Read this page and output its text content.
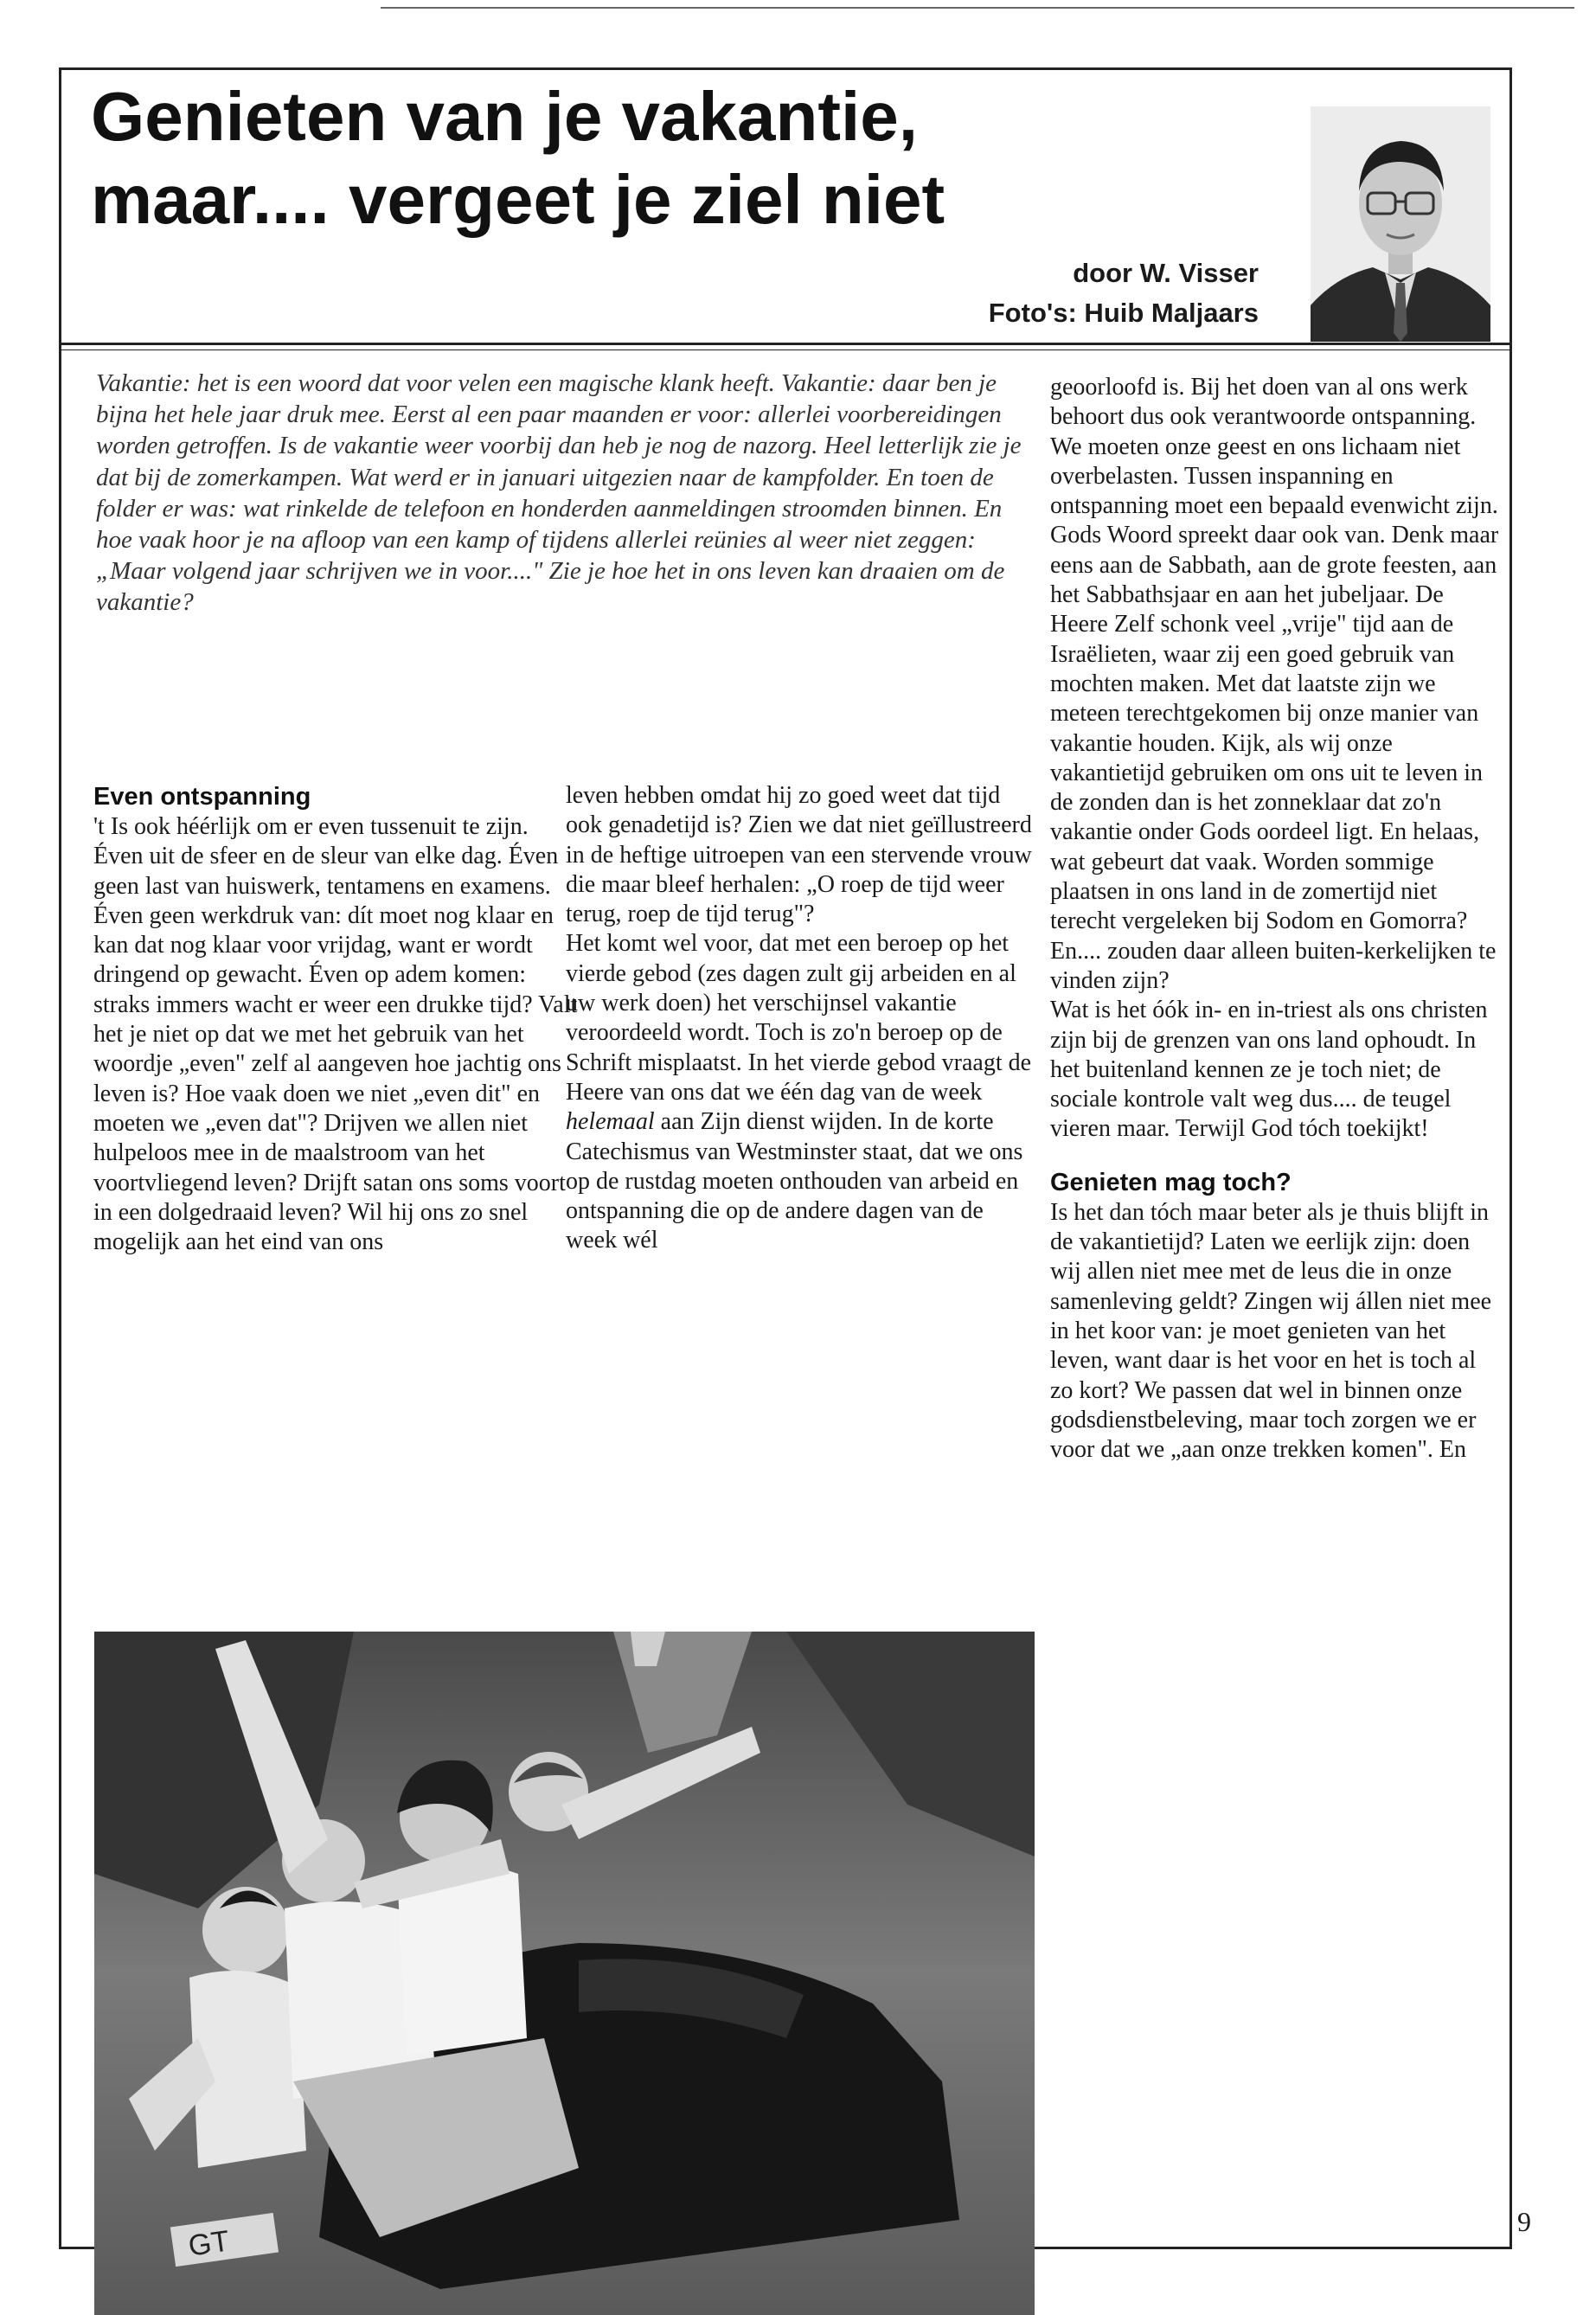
Genieten van je vakantie,
maar.... vergeet je ziel niet
door W. Visser
Foto's: Huib Maljaars
Vakantie: het is een woord dat voor velen een magische klank heeft. Vakantie: daar ben je bijna het hele jaar druk mee. Eerst al een paar maanden er voor: allerlei voorbereidingen worden getroffen. Is de vakantie weer voorbij dan heb je nog de nazorg. Heel letterlijk zie je dat bij de zomerkampen. Wat werd er in januari uitgezien naar de kampfolder. En toen de folder er was: wat rinkelde de telefoon en honderden aanmeldingen stroomden binnen. En hoe vaak hoor je na afloop van een kamp of tijdens allerlei reünies al weer niet zeggen: „Maar volgend jaar schrijven we in voor...." Zie je hoe het in ons leven kan draaien om de vakantie?
Even ontspanning

't Is ook héérlijk om er even tussenuit te zijn. Éven uit de sfeer en de sleur van elke dag. Éven geen last van huiswerk, tentamens en examens. Éven geen werkdruk van: dít moet nog klaar en kan dat nog klaar voor vrijdag, want er wordt dringend op gewacht. Éven op adem komen: straks immers wacht er weer een drukke tijd? Valt het je niet op dat we met het gebruik van het woordje „even" zelf al aangeven hoe jachtig ons leven is? Hoe vaak doen we niet „even dit" en moeten we „even dat"? Drijven we allen niet hulpeloos mee in de maalstroom van het voortvliegend leven? Drijft satan ons soms voort in een dolgedraaid leven? Wil hij ons zo snel mogelijk aan het eind van ons

leven hebben omdat hij zo goed weet dat tijd ook genadetijd is? Zien we dat niet geïllustreerd in de heftige uitroepen van een stervende vrouw die maar bleef herhalen: „O roep de tijd weer terug, roep de tijd terug"?

Het komt wel voor, dat met een beroep op het vierde gebod (zes dagen zult gij arbeiden en al uw werk doen) het verschijnsel vakantie veroordeeld wordt. Toch is zo'n beroep op de Schrift misplaatst. In het vierde gebod vraagt de Heere van ons dat we één dag van de week helemaal aan Zijn dienst wijden. In de korte Catechismus van Westminster staat, dat we ons op de rustdag moeten onthouden van arbeid en ontspanning die op de andere dagen van de week wél

geoorloofd is. Bij het doen van al ons werk behoort dus ook verantwoorde ontspanning. We moeten onze geest en ons lichaam niet overbelasten. Tussen inspanning en ontspanning moet een bepaald evenwicht zijn. Gods Woord spreekt daar ook van. Denk maar eens aan de Sabbath, aan de grote feesten, aan het Sabbathsjaar en aan het jubeljaar. De Heere Zelf schonk veel „vrije" tijd aan de Israëlieten, waar zij een goed gebruik van mochten maken. Met dat laatste zijn we meteen terechtgekomen bij onze manier van vakantie houden. Kijk, als wij onze vakantietijd gebruiken om ons uit te leven in de zonden dan is het zonneklaar dat zo'n vakantie onder Gods oordeel ligt. En helaas, wat gebeurt dat vaak. Worden sommige plaatsen in ons land in de zomertijd niet terecht vergeleken bij Sodom en Gomorra? En.... zouden daar alleen buiten-kerkelijken te vinden zijn?

Wat is het óók in- en in-triest als ons christen zijn bij de grenzen van ons land ophoudt. In het buitenland kennen ze je toch niet; de sociale kontrole valt weg dus.... de teugel vieren maar. Terwijl God tóch toekijkt!

Genieten mag toch?

Is het dan tóch maar beter als je thuis blijft in de vakantietijd? Laten we eerlijk zijn: doen wij allen niet mee met de leus die in onze samenleving geldt? Zingen wij állen niet mee in het koor van: je moet genieten van het leven, want daar is het voor en het is toch al zo kort? We passen dat wel in binnen onze godsdienstbeleving, maar toch zorgen we er voor dat we „aan onze trekken komen". En

GT
9
